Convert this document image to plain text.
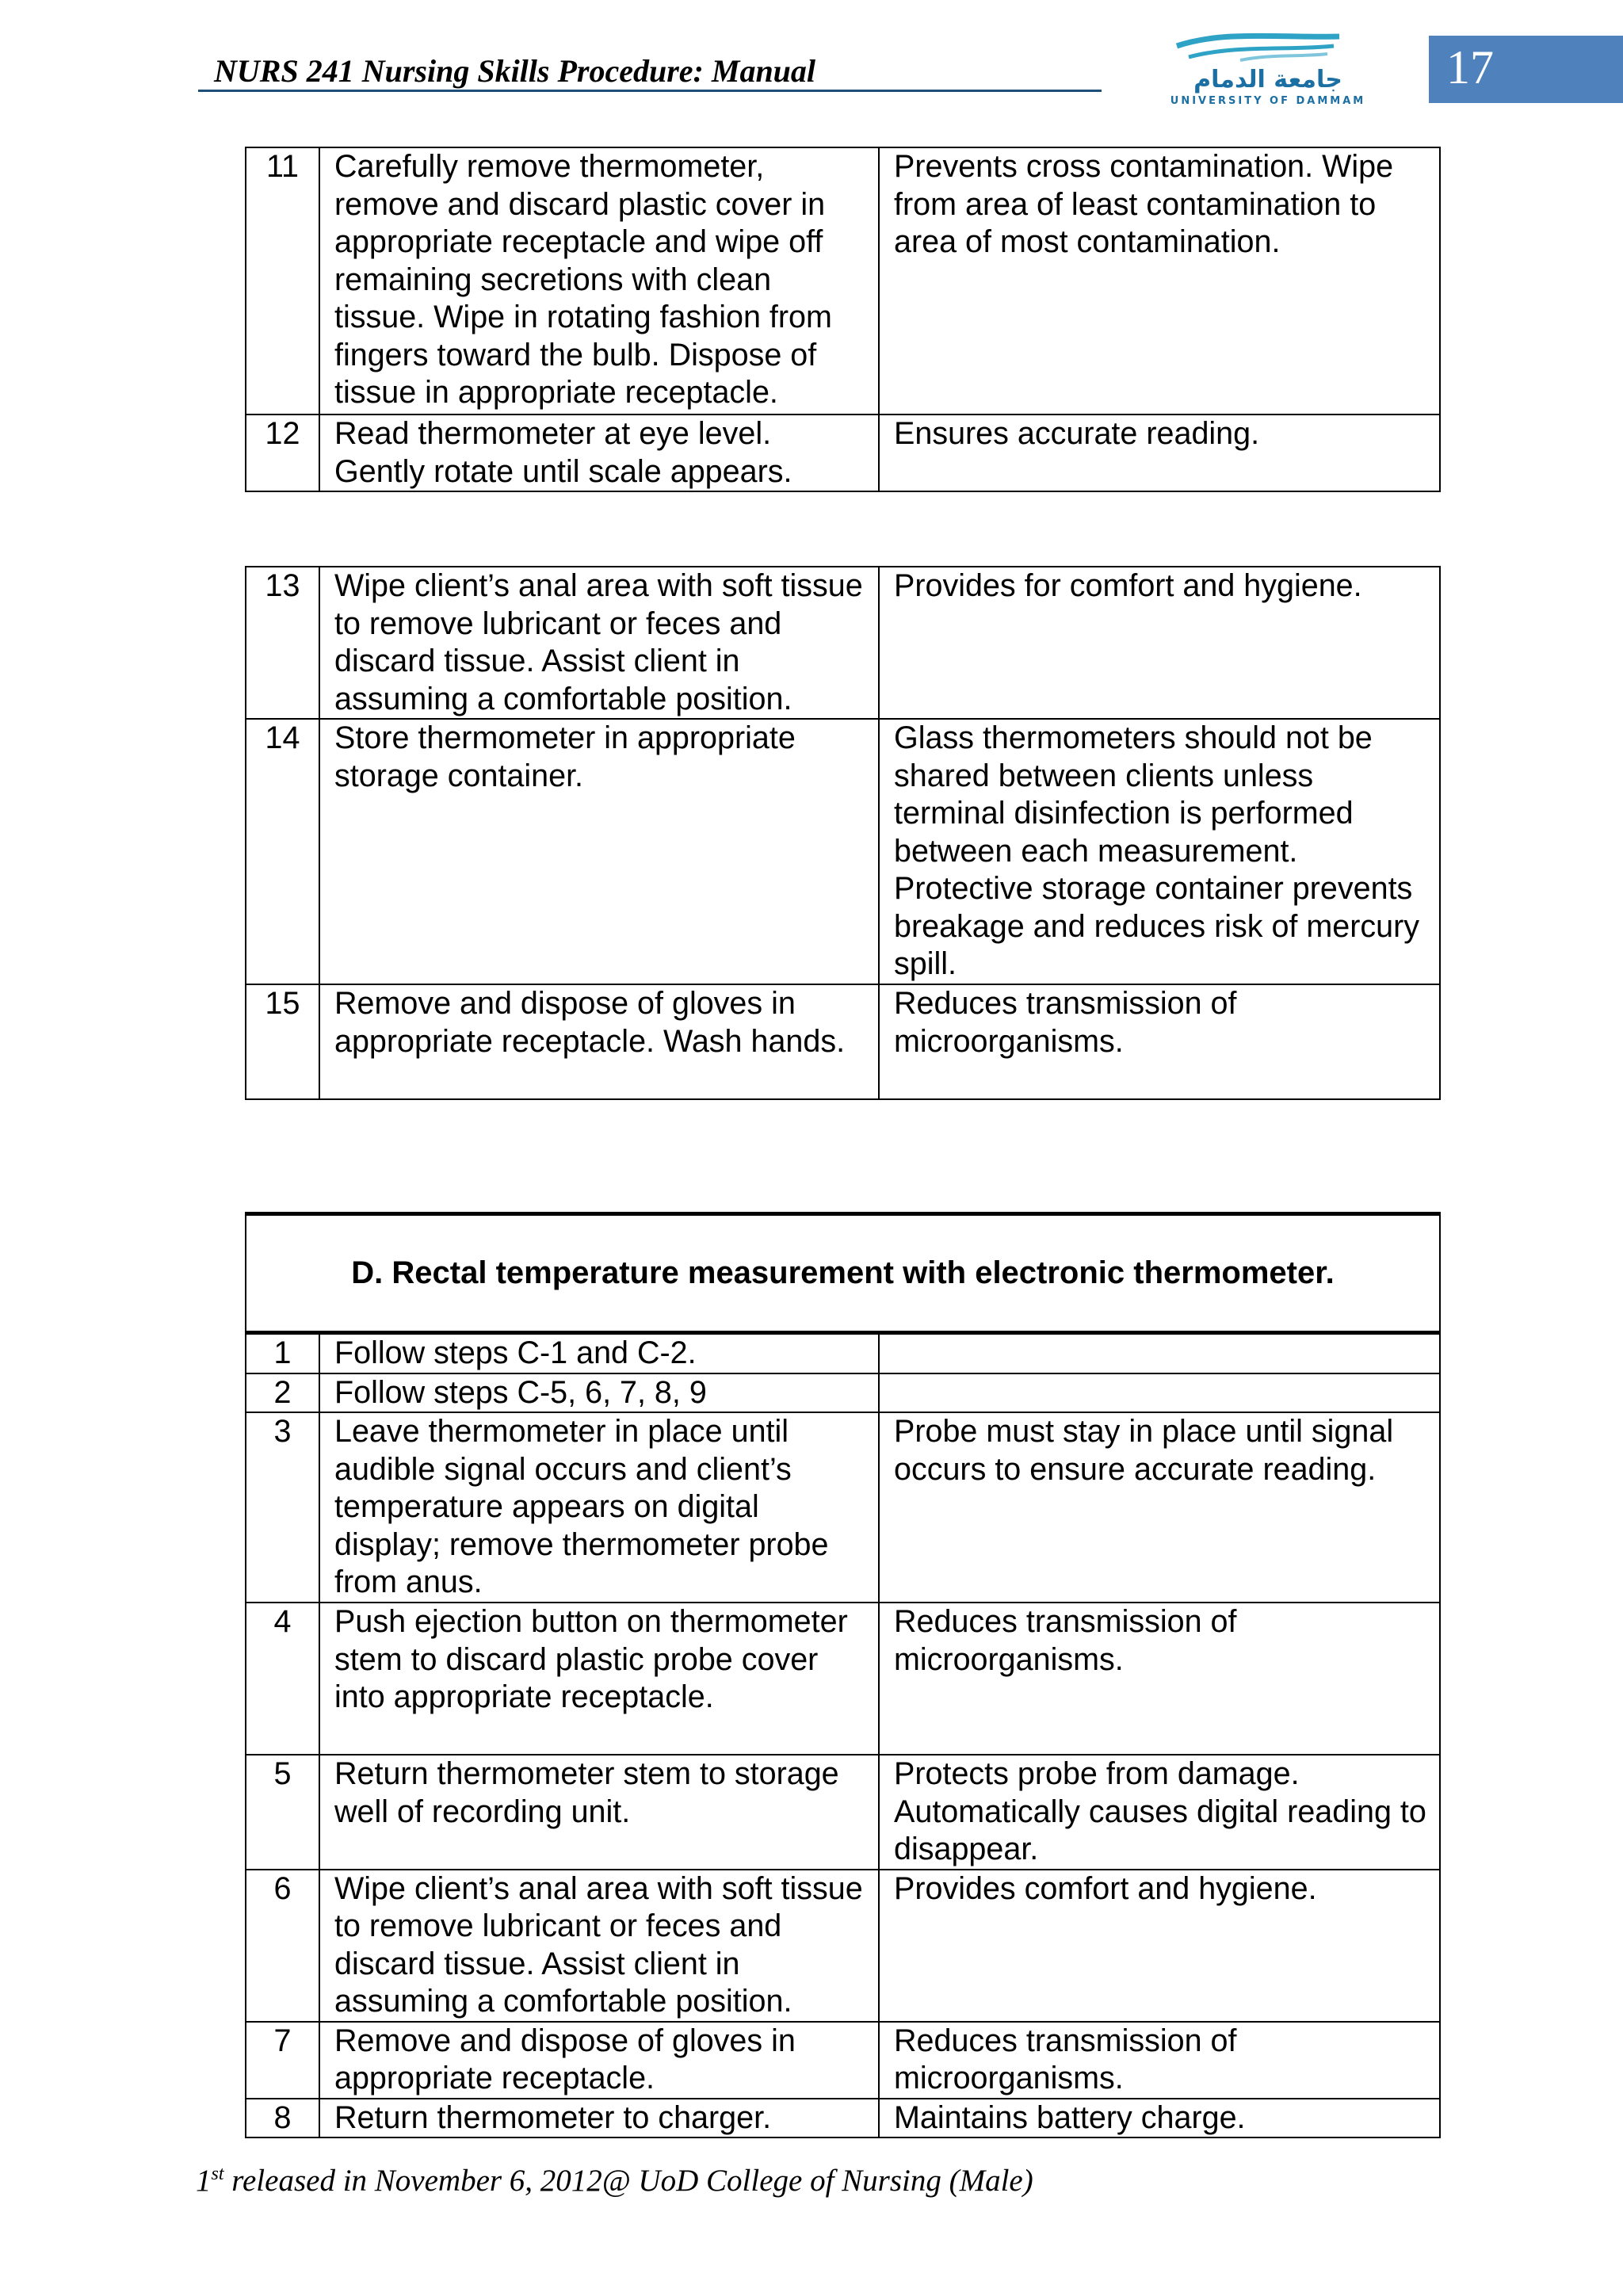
NURS 241 Nursing Skills Procedure: Manual	جامعة الدمام
UNIVERSITY OF DAMMAM
17
11	Carefully remove thermometer, remove and discard plastic cover in appropriate receptacle and wipe off remaining secretions with clean tissue. Wipe in rotating fashion from fingers toward the bulb. Dispose of tissue in appropriate receptacle.	Prevents cross contamination. Wipe from area of least contamination to area of most contamination.
12	Read thermometer at eye level. Gently rotate until scale appears.	Ensures accurate reading.
13	Wipe client’s anal area with soft tissue to remove lubricant or feces and discard tissue. Assist client in assuming a comfortable position.	Provides for comfort and hygiene.
14	Store thermometer in appropriate storage container.	Glass thermometers should not be shared between clients unless terminal disinfection is performed between each measurement. Protective storage container prevents breakage and reduces risk of mercury spill.
15	Remove and dispose of gloves in appropriate receptacle. Wash hands.	Reduces transmission of microorganisms.
D. Rectal temperature measurement with electronic thermometer.		
1	Follow steps C-1 and C-2.	
2	Follow steps C-5, 6, 7, 8, 9	
3	Leave thermometer in place until audible signal occurs and client’s temperature appears on digital display; remove thermometer probe from anus.	Probe must stay in place until signal occurs to ensure accurate reading.
4	Push ejection button on thermometer stem to discard plastic probe cover into appropriate receptacle.	Reduces transmission of microorganisms.
5	Return thermometer stem to storage well of recording unit.	Protects probe from damage. Automatically causes digital reading to disappear.
6	Wipe client’s anal area with soft tissue to remove lubricant or feces and discard tissue. Assist client in assuming a comfortable position.	Provides comfort and hygiene.
7	Remove and dispose of gloves in appropriate receptacle.	Reduces transmission of microorganisms.
8	Return thermometer to charger.	Maintains battery charge.
1st released in November 6, 2012@ UoD College of Nursing (Male)
